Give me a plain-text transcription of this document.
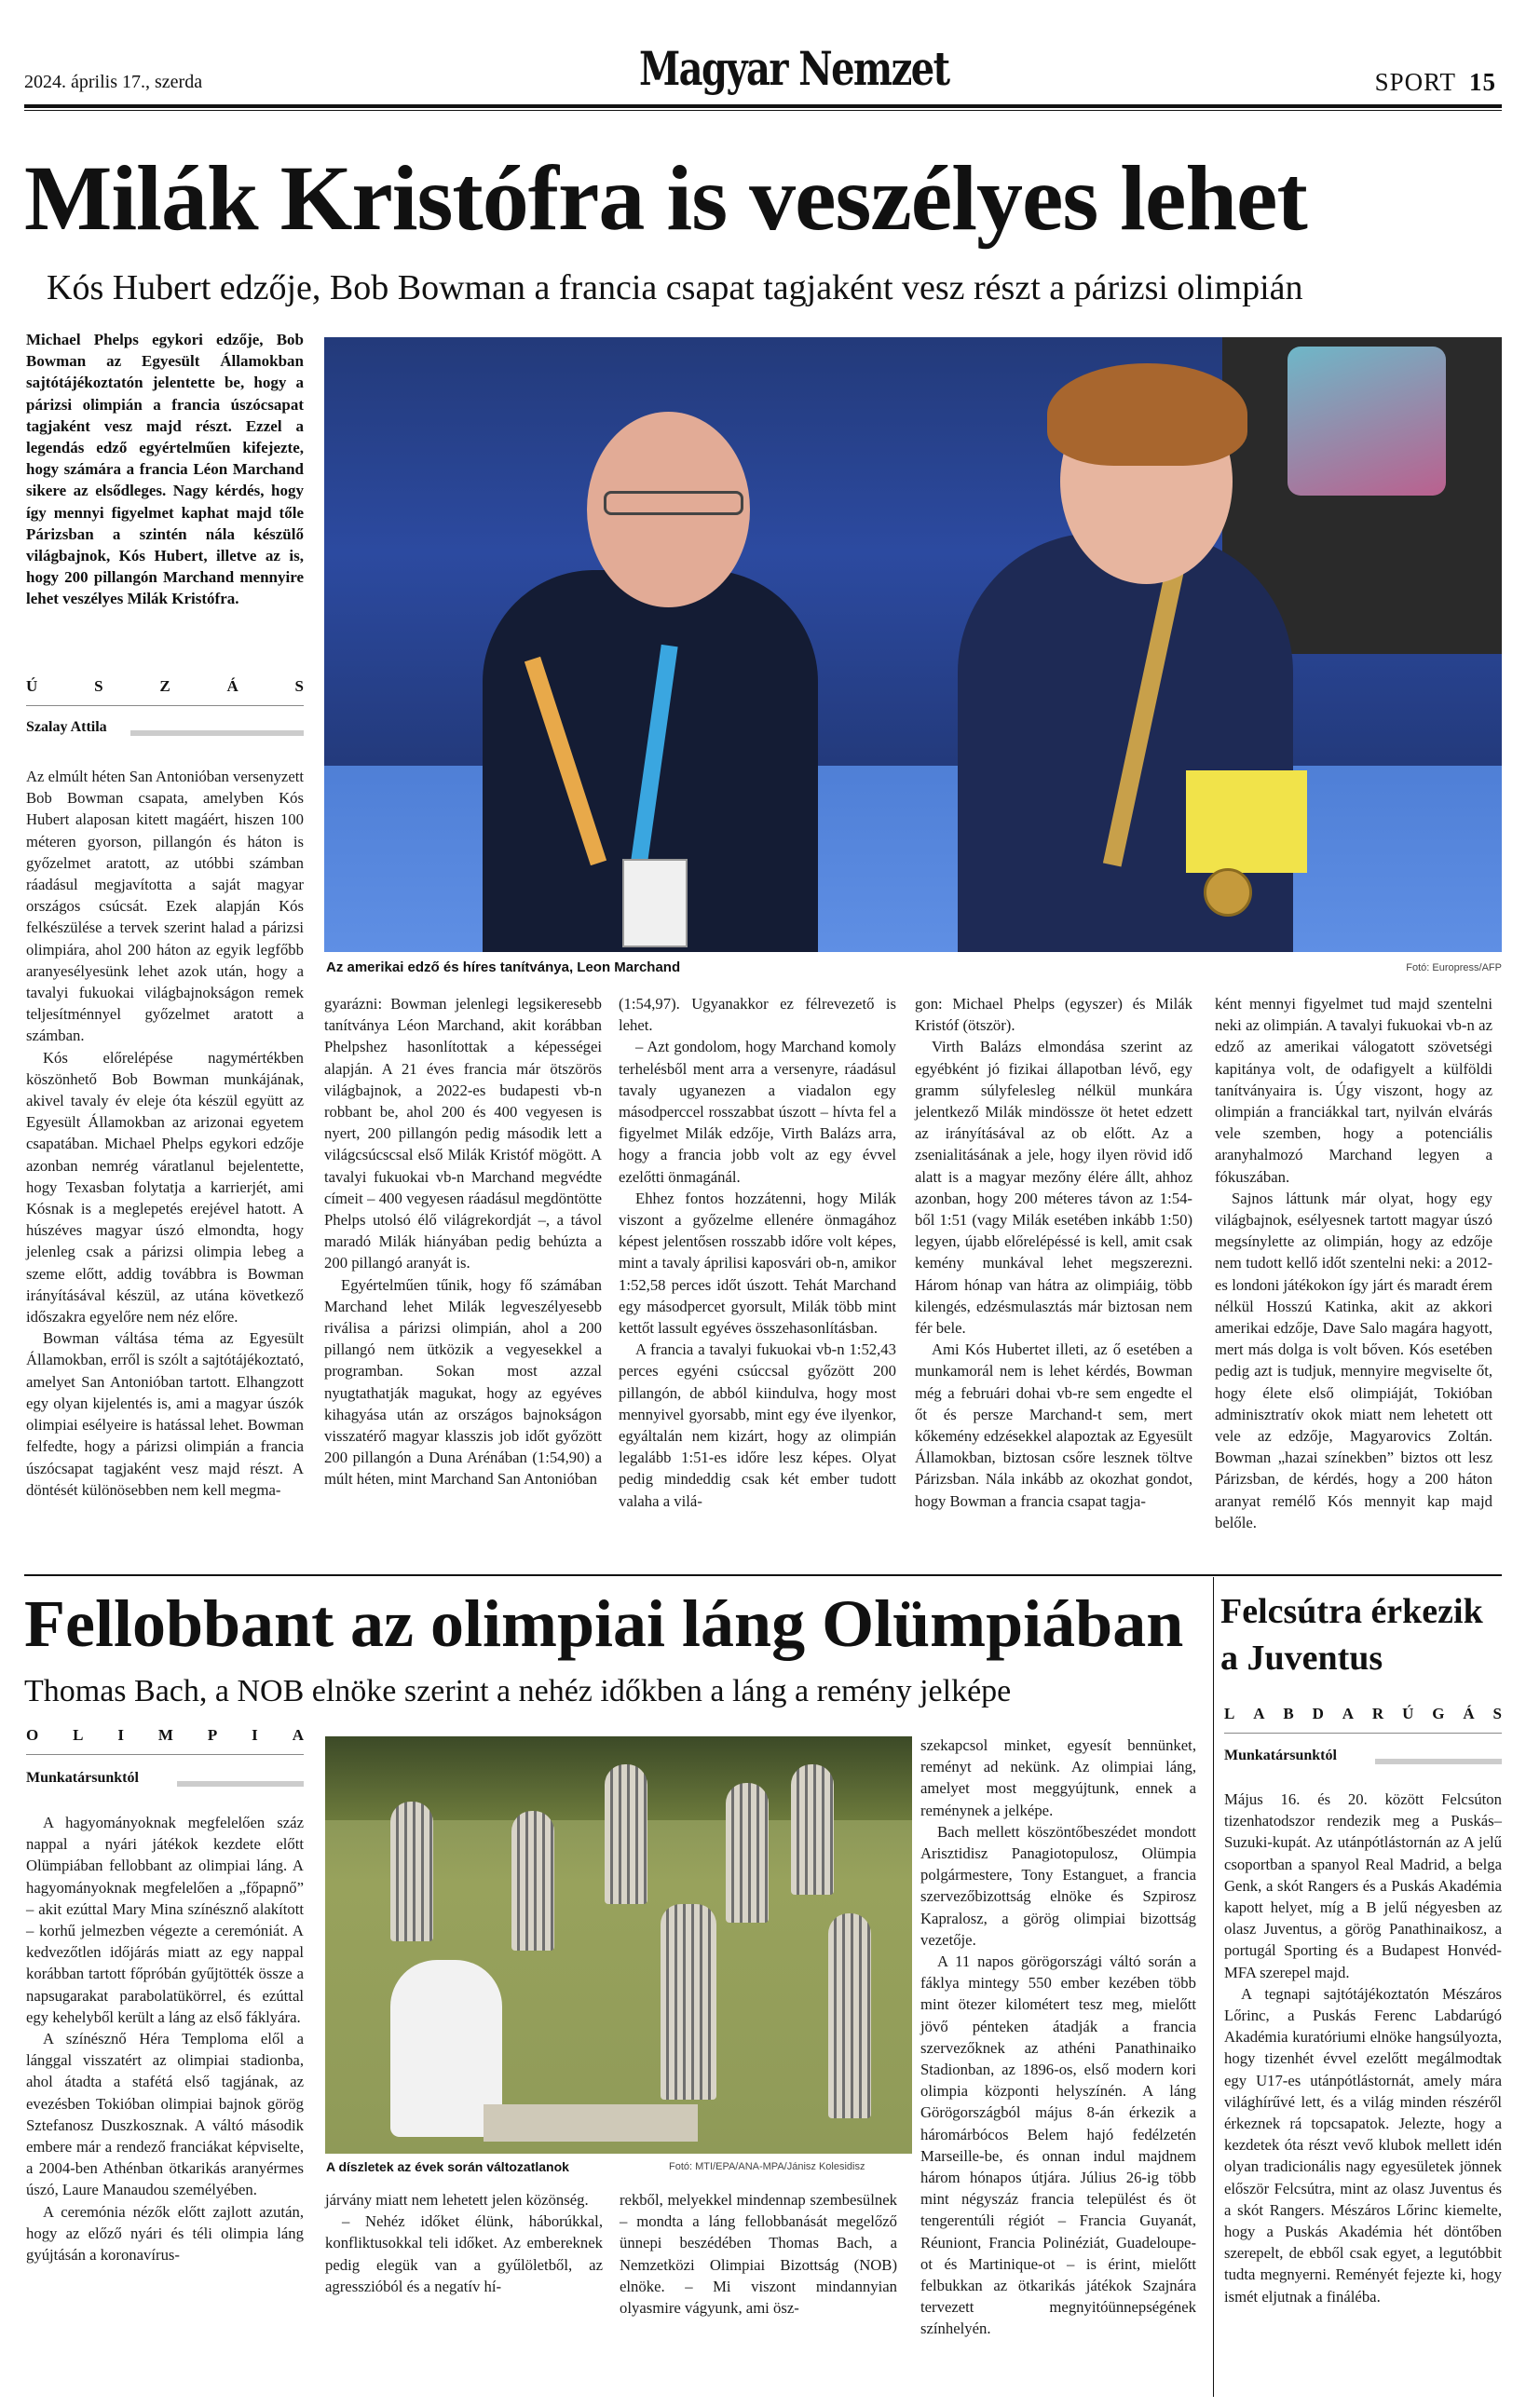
2024. április 17., szerda	Magyar Nemzet	SPORT 15
Milák Kristófra is veszélyes lehet
Kós Hubert edzője, Bob Bowman a francia csapat tagjaként vesz részt a párizsi olimpián
Michael Phelps egykori edzője, Bob Bowman az Egyesült Államokban sajtótájékoztatón jelentette be, hogy a párizsi olimpián a francia úszócsapat tagjaként vesz majd részt. Ezzel a legendás edző egyértelműen kifejezte, hogy számára a francia Léon Marchand sikere az elsődleges. Nagy kérdés, hogy így mennyi figyelmet kaphat majd tőle Párizsban a szintén nála készülő világbajnok, Kós Hubert, illetve az is, hogy 200 pillangón Marchand mennyire lehet veszélyes Milák Kristófra.
Ú	S	Z	Á	S
Szalay Attila
Az amerikai edző és híres tanítványa, Leon Marchand	Fotó: Europress/AFP

Az elmúlt héten San Antonióban versenyzett Bob Bowman csapata, amelyben Kós Hubert alaposan kitett magáért, hiszen 100 méteren gyorson, pillangón és háton is győzelmet aratott, az utóbbi számban ráadásul megjavította a saját magyar országos csúcsát. Ezek alapján Kós felkészülése a tervek szerint halad a párizsi olimpiára, ahol 200 háton az egyik legfőbb aranyesélyesünk lehet azok után, hogy a tavalyi fukuokai világbajnokságon remek teljesítménnyel győzelmet aratott a számban.

Kós előrelépése nagymértékben köszönhető Bob Bowman munkájának, akivel tavaly év eleje óta készül együtt az Egyesült Államokban az arizonai egyetem csapatában. Michael Phelps egykori edzője azonban nemrég váratlanul bejelentette, hogy Texasban folytatja a karrierjét, ami Kósnak is a meglepetés erejével hatott. A húszéves magyar úszó elmondta, hogy jelenleg csak a párizsi olimpia lebeg a szeme előtt, addig továbbra is Bowman irányításával készül, az utána következő időszakra egyelőre nem néz előre.

Bowman váltása téma az Egyesült Államokban, erről is szólt a sajtótájékoztató, amelyet San Antonióban tartott. Elhangzott egy olyan kijelentés is, ami a magyar úszók olimpiai esélyeire is hatással lehet. Bowman felfedte, hogy a párizsi olimpián a francia úszócsapat tagjaként vesz majd részt. A döntését különösebben nem kell megma-

gyarázni: Bowman jelenlegi legsikeresebb tanítványa Léon Marchand, akit korábban Phelpshez hasonlítottak a képességei alapján. A 21 éves francia már ötszörös világbajnok, a 2022-es budapesti vb-n robbant be, ahol 200 és 400 vegyesen is nyert, 200 pillangón pedig második lett a világcsúcscsal első Milák Kristóf mögött. A tavalyi fukuokai vb-n Marchand megvédte címeit – 400 vegyesen ráadásul megdöntötte Phelps utolsó élő világrekordját –, a távol maradó Milák hiányában pedig behúzta a 200 pillangó aranyát is.

Egyértelműen tűnik, hogy fő számában Marchand lehet Milák legveszélyesebb riválisa a párizsi olimpián, ahol a 200 pillangó nem ütközik a vegyesekkel a programban. Sokan most azzal nyugtathatják magukat, hogy az egyéves kihagyása után az országos bajnokságon visszatérő magyar klasszis job időt győzött 200 pillangón a Duna Arénában (1:54,90) a múlt héten, mint Marchand San Antonióban

(1:54,97). Ugyanakkor ez félrevezető is lehet.

– Azt gondolom, hogy Marchand komoly terhelésből ment arra a versenyre, ráadásul tavaly ugyanezen a viadalon egy másodperccel rosszabbat úszott – hívta fel a figyelmet Milák edzője, Virth Balázs arra, hogy a francia jobb volt az egy évvel ezelőtti önmagánál.

Ehhez fontos hozzátenni, hogy Milák viszont a győzelme ellenére önmagához képest jelentősen rosszabb időre volt képes, mint a tavaly áprilisi kaposvári ob-n, amikor 1:52,58 perces időt úszott. Tehát Marchand egy másodpercet gyorsult, Milák több mint kettőt lassult egyéves összehasonlításban.

A francia a tavalyi fukuokai vb-n 1:52,43 perces egyéni csúccsal győzött 200 pillangón, de abból kiindulva, hogy most mennyivel gyorsabb, mint egy éve ilyenkor, egyáltalán nem kizárt, hogy az olimpián legalább 1:51-es időre lesz képes. Olyat pedig mindeddig csak két ember tudott valaha a vilá-

gon: Michael Phelps (egyszer) és Milák Kristóf (ötször).

Virth Balázs elmondása szerint az egyébként jó fizikai állapotban lévő, egy gramm súlyfelesleg nélkül munkára jelentkező Milák mindössze öt hetet edzett az irányításával az ob előtt. Az a zsenialitásának a jele, hogy ilyen rövid idő alatt is a magyar mezőny élére állt, ahhoz azonban, hogy 200 méteres távon az 1:54-ből 1:51 (vagy Milák esetében inkább 1:50) legyen, újabb előrelépéssé is kell, amit csak kemény munkával lehet megszerezni. Három hónap van hátra az olimpiáig, több kilengés, edzésmulasztás már biztosan nem fér bele.

Ami Kós Hubertet illeti, az ő esetében a munkamorál nem is lehet kérdés, Bowman még a februári dohai vb-re sem engedte el őt és persze Marchand-t sem, mert kőkemény edzésekkel alapoztak az Egyesült Államokban, biztosan csőre lesznek töltve Párizsban. Nála inkább az okozhat gondot, hogy Bowman a francia csapat tagja-

ként mennyi figyelmet tud majd szentelni neki az olimpián. A tavalyi fukuokai vb-n az edző az amerikai válogatott szövetségi kapitánya volt, de odafigyelt a külföldi tanítványaira is. Úgy viszont, hogy az olimpián a franciákkal tart, nyilván elvárás vele szemben, hogy a potenciális aranyhalmozó Marchand legyen a fókuszában.

Sajnos láttunk már olyat, hogy egy világbajnok, esélyesnek tartott magyar úszó megsínylette az olimpián, hogy az edzője nem tudott kellő időt szentelni neki: a 2012-es londoni játékokon így járt és maradt érem nélkül Hosszú Katinka, akit az akkori amerikai edzője, Dave Salo magára hagyott, mert más dolga is volt bőven. Kós esetében pedig azt is tudjuk, mennyire megviselte őt, hogy élete első olimpiáját, Tokióban adminisztratív okok miatt nem lehetett ott vele az edzője, Magyarovics Zoltán. Bowman „hazai színekben” biztos ott lesz Párizsban, de kérdés, hogy a 200 háton aranyat remélő Kós mennyit kap majd belőle.

Fellobbant az olimpiai láng Olümpiában
Thomas Bach, a NOB elnöke szerint a nehéz időkben a láng a remény jelképe
O L I M P I A
Munkatársunktól
A díszletek az évek során változatlanok	Fotó: MTI/EPA/ANA-MPA/Jánisz Kolesidisz

A hagyományoknak megfelelően száz nappal a nyári játékok kezdete előtt Olümpiában fellobbant az olimpiai láng. A hagyományoknak megfelelően a „főpapnő” – akit ezúttal Mary Mina színésznő alakított – korhű jelmezben végezte a ceremóniát. A kedvezőtlen időjárás miatt az egy nappal korábban tartott főpróbán gyűjtötték össze a napsugarakat parabolatükörrel, és ezúttal egy kehelyből került a láng az első fáklyára.

A színésznő Héra Temploma elől a lánggal visszatért az olimpiai stadionba, ahol átadta a stafétá első tagjának, az evezésben Tokióban olimpiai bajnok görög Sztefanosz Duszkosznak. A váltó második embere már a rendező franciákat képviselte, a 2004-ben Athénban ötkarikás aranyérmes úszó, Laure Manaudou személyében.

A ceremónia nézők előtt zajlott azután, hogy az előző nyári és téli olimpia láng gyújtásán a koronavírus-

járvány miatt nem lehetett jelen közönség.

– Nehéz időket élünk, háborúkkal, konfliktusokkal teli időket. Az embereknek pedig elegük van a gyűlöletből, az agresszióból és a negatív hí-

rekből, melyekkel mindennap szembesülnek – mondta a láng fellobbanását megelőző ünnepi beszédében Thomas Bach, a Nemzetközi Olimpiai Bizottság (NOB) elnöke. – Mi viszont mindannyian olyasmire vágyunk, ami ösz-

szekapcsol minket, egyesít bennünket, reményt ad nekünk. Az olimpiai láng, amelyet most meggyújtunk, ennek a reménynek a jelképe.

Bach mellett köszöntőbeszédet mondott Arisztidisz Panagiotopulosz, Olümpia polgármestere, Tony Estanguet, a francia szervezőbizottság elnöke és Szpirosz Kapralosz, a görög olimpiai bizottság vezetője.

A 11 napos görögországi váltó során a fáklya mintegy 550 ember kezében több mint ötezer kilométert tesz meg, mielőtt jövő pénteken átadják a francia szervezőknek az athéni Panathinaiko Stadionban, az 1896-os, első modern kori olimpia központi helyszínén. A láng Görögországból május 8-án érkezik a háromárbócos Belem hajó fedélzetén Marseille-be, és onnan indul majdnem három hónapos útjára. Július 26-ig több mint négyszáz francia települést és öt tengerentúli régiót – Francia Guyanát, Réuniont, Francia Polinéziát, Guadeloupe-ot és Martinique-ot – is érint, mielőtt felbukkan az ötkarikás játékok Szajnára tervezett megnyitóünnepségének színhelyén.

Felcsútra érkezik a Juventus
L A B D A R Ú G Á S
Munkatársunktól

Május 16. és 20. között Felcsúton tizenhatodszor rendezik meg a Puskás–Suzuki-kupát. Az utánpótlástornán az A jelű csoportban a spanyol Real Madrid, a belga Genk, a skót Rangers és a Puskás Akadémia kapott helyet, míg a B jelű négyesben az olasz Juventus, a görög Panathinaikosz, a portugál Sporting és a Budapest Honvéd-MFA szerepel majd.

A tegnapi sajtótájékoztatón Mészáros Lőrinc, a Puskás Ferenc Labdarúgó Akadémia kuratóriumi elnöke hangsúlyozta, hogy tizenhét évvel ezelőtt megálmodtak egy U17-es utánpótlástornát, amely mára világhírűvé lett, és a világ minden részéről érkeznek rá topcsapatok. Jelezte, hogy a kezdetek óta részt vevő klubok mellett idén olyan tradicionális nagy egyesületek jönnek először Felcsútra, mint az olasz Juventus és a skót Rangers. Mészáros Lőrinc kiemelte, hogy a Puskás Akadémia hét döntőben szerepelt, de ebből csak egyet, a legutóbbit tudta megnyerni. Reményét fejezte ki, hogy ismét eljutnak a fináléba.
